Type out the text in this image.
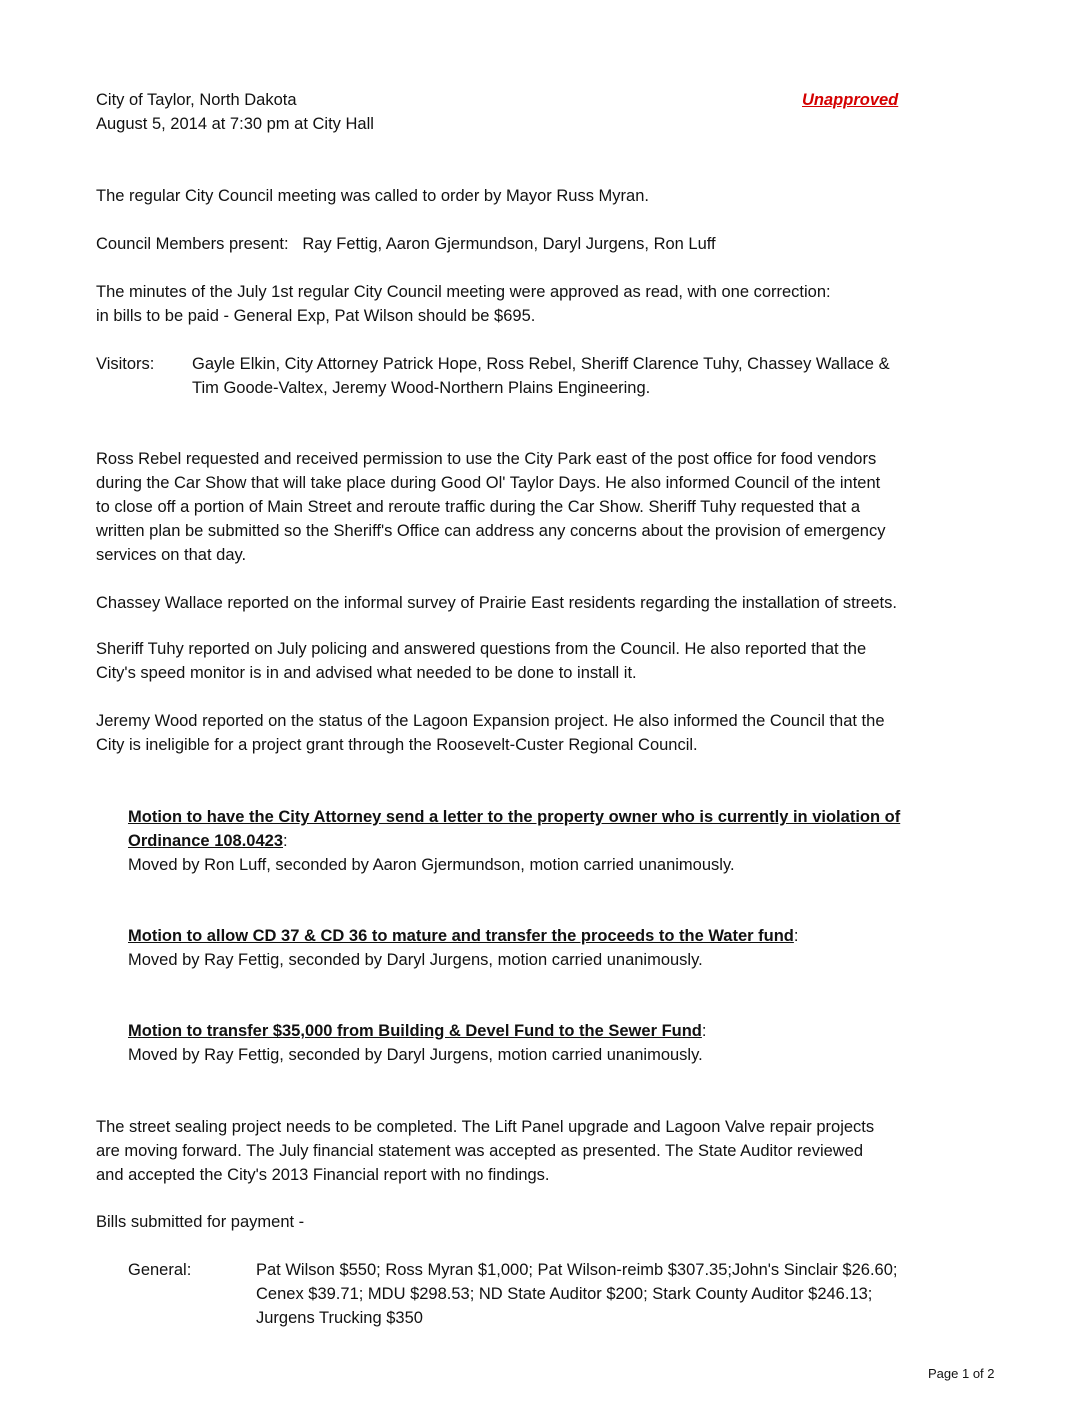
City of Taylor, North Dakota
August 5, 2014 at 7:30 pm at City Hall
Unapproved
The regular City Council meeting was called to order by Mayor Russ Myran.
Council Members present:   Ray Fettig, Aaron Gjermundson, Daryl Jurgens, Ron Luff
The minutes of the July 1st regular City Council meeting were approved as read, with one correction:
in bills to be paid - General Exp, Pat Wilson should be $695.
Visitors: Gayle Elkin, City Attorney Patrick Hope, Ross Rebel, Sheriff Clarence Tuhy, Chassey Wallace &
Tim Goode-Valtex, Jeremy Wood-Northern Plains Engineering.
Ross Rebel requested and received permission to use the City Park east of the post office for food vendors
during the Car Show that will take place during Good Ol' Taylor Days. He also informed Council of the intent
to close off a portion of Main Street and reroute traffic during the Car Show. Sheriff Tuhy requested that a
written plan be submitted so the Sheriff's Office can address any concerns about the provision of emergency
services on that day.
Chassey Wallace reported on the informal survey of Prairie East residents regarding the installation of streets.
Sheriff Tuhy reported on July policing and answered questions from the Council. He also reported that the
City's speed monitor is in and advised what needed to be done to install it.
Jeremy Wood reported on the status of the Lagoon Expansion project. He also informed the Council that the
City is ineligible for a project grant through the Roosevelt-Custer Regional Council.
Motion to have the City Attorney send a letter to the property owner who is currently in violation of
Ordinance 108.0423:
Moved by Ron Luff, seconded by Aaron Gjermundson, motion carried unanimously.
Motion to allow CD 37 & CD 36 to mature and transfer the proceeds to the Water fund:
Moved by Ray Fettig, seconded by Daryl Jurgens, motion carried unanimously.
Motion to transfer $35,000 from Building & Devel Fund to the Sewer Fund:
Moved by Ray Fettig, seconded by Daryl Jurgens, motion carried unanimously.
The street sealing project needs to be completed. The Lift Panel upgrade and Lagoon Valve repair projects
are moving forward. The July financial statement was accepted as presented. The State Auditor reviewed
and accepted the City's 2013 Financial report with no findings.
Bills submitted for payment -
General:	Pat Wilson $550; Ross Myran $1,000; Pat Wilson-reimb $307.35;John's Sinclair $26.60;
Cenex $39.71; MDU $298.53; ND State Auditor $200; Stark County Auditor $246.13;
Jurgens Trucking $350
Page 1 of 2
